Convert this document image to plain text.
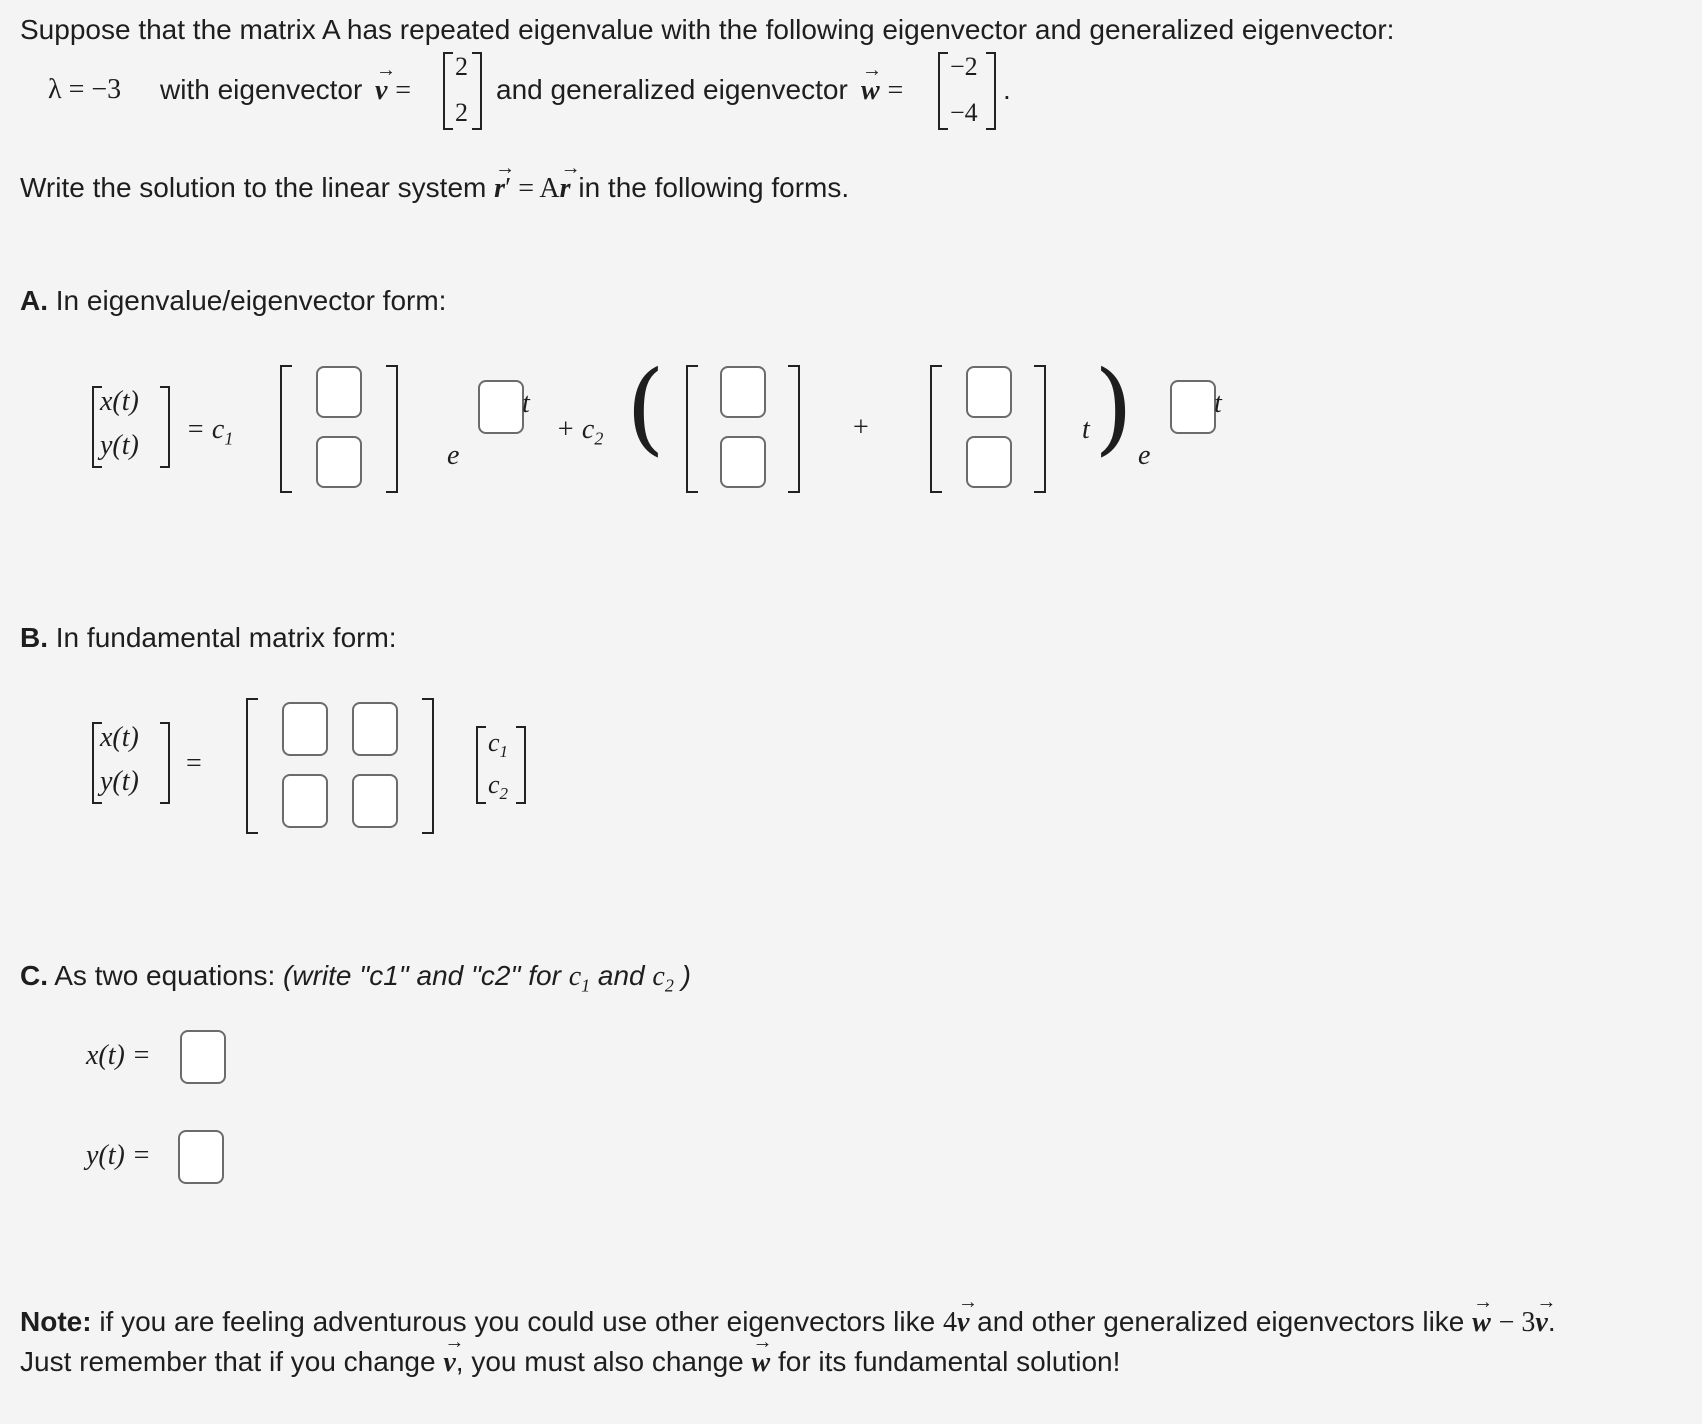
Suppose that the matrix A has repeated eigenvalue with the following eigenvector and generalized eigenvector:
λ = −3 with eigenvector → v =
2
2
and generalized eigenvector → w =
−2
−4
.
Write the solution to the linear system → r′ = A→ r in the following forms.
A. In eigenvalue/eigenvector form:
x(t)
y(t)
= $c_1$
e
t
+ $c_2$ (	+	t ) e
t
B. In fundamental matrix form:
x(t)
y(t)
=
$c_1$
$c_2$
C. As two equations: (write "c1" and "c2" for $c_1$ and $c_2$ )
x(t) =
y(t) =
Note: if you are feeling adventurous you could use other eigenvectors like 4→ v and other generalized eigenvectors like → w − 3→ v.
Just remember that if you change → v, you must also change → w for its fundamental solution!
